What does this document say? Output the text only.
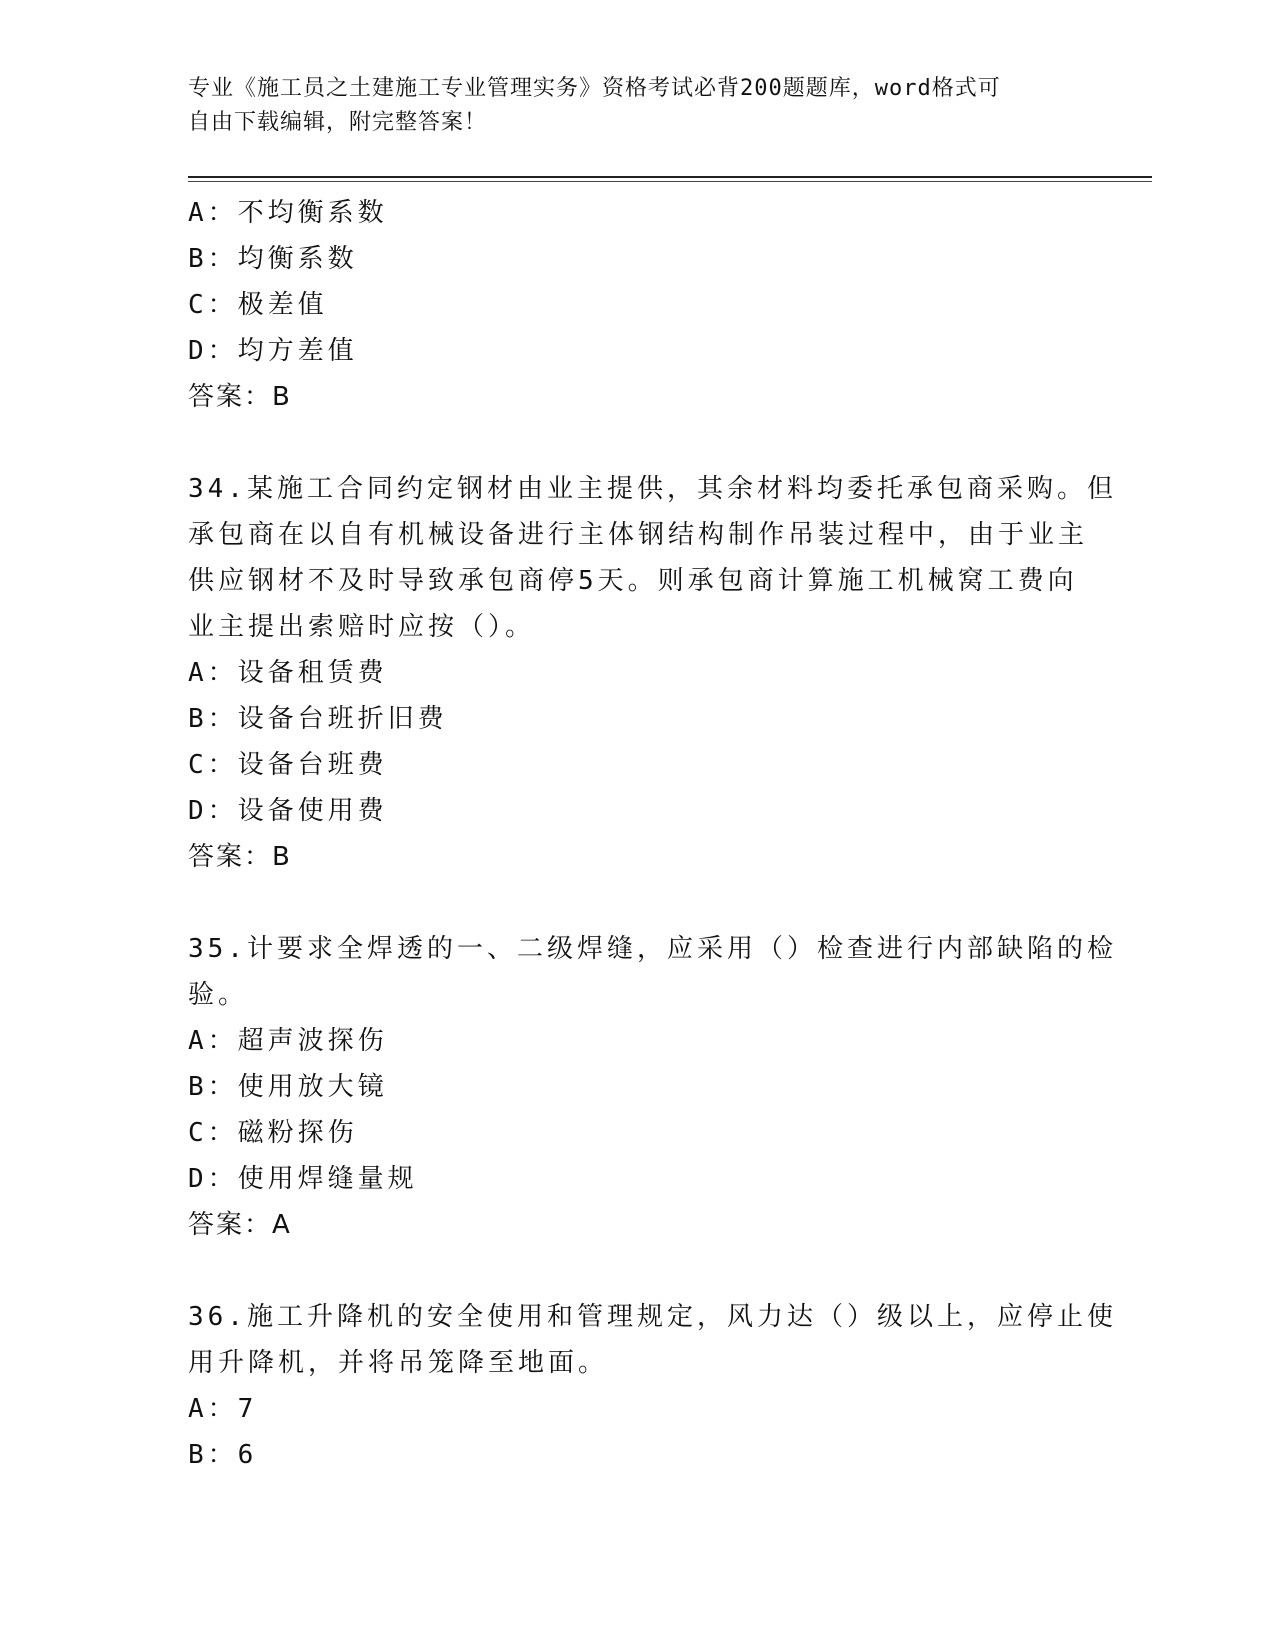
专业《施工员之土建施工专业管理实务》资格考试必背200题题库，word格式可
自由下载编辑，附完整答案！
A：不均衡系数
B：均衡系数
C：极差值
D：均方差值
答案：B
34.某施工合同约定钢材由业主提供，其余材料均委托承包商采购。但
承包商在以自有机械设备进行主体钢结构制作吊装过程中，由于业主
供应钢材不及时导致承包商停5天。则承包商计算施工机械窝工费向
业主提出索赔时应按（）。
A：设备租赁费
B：设备台班折旧费
C：设备台班费
D：设备使用费
答案：B
35.计要求全焊透的一、二级焊缝，应采用（）检查进行内部缺陷的检
验。
A：超声波探伤
B：使用放大镜
C：磁粉探伤
D：使用焊缝量规
答案：A
36.施工升降机的安全使用和管理规定，风力达（）级以上，应停止使
用升降机，并将吊笼降至地面。
A：7
B：6
